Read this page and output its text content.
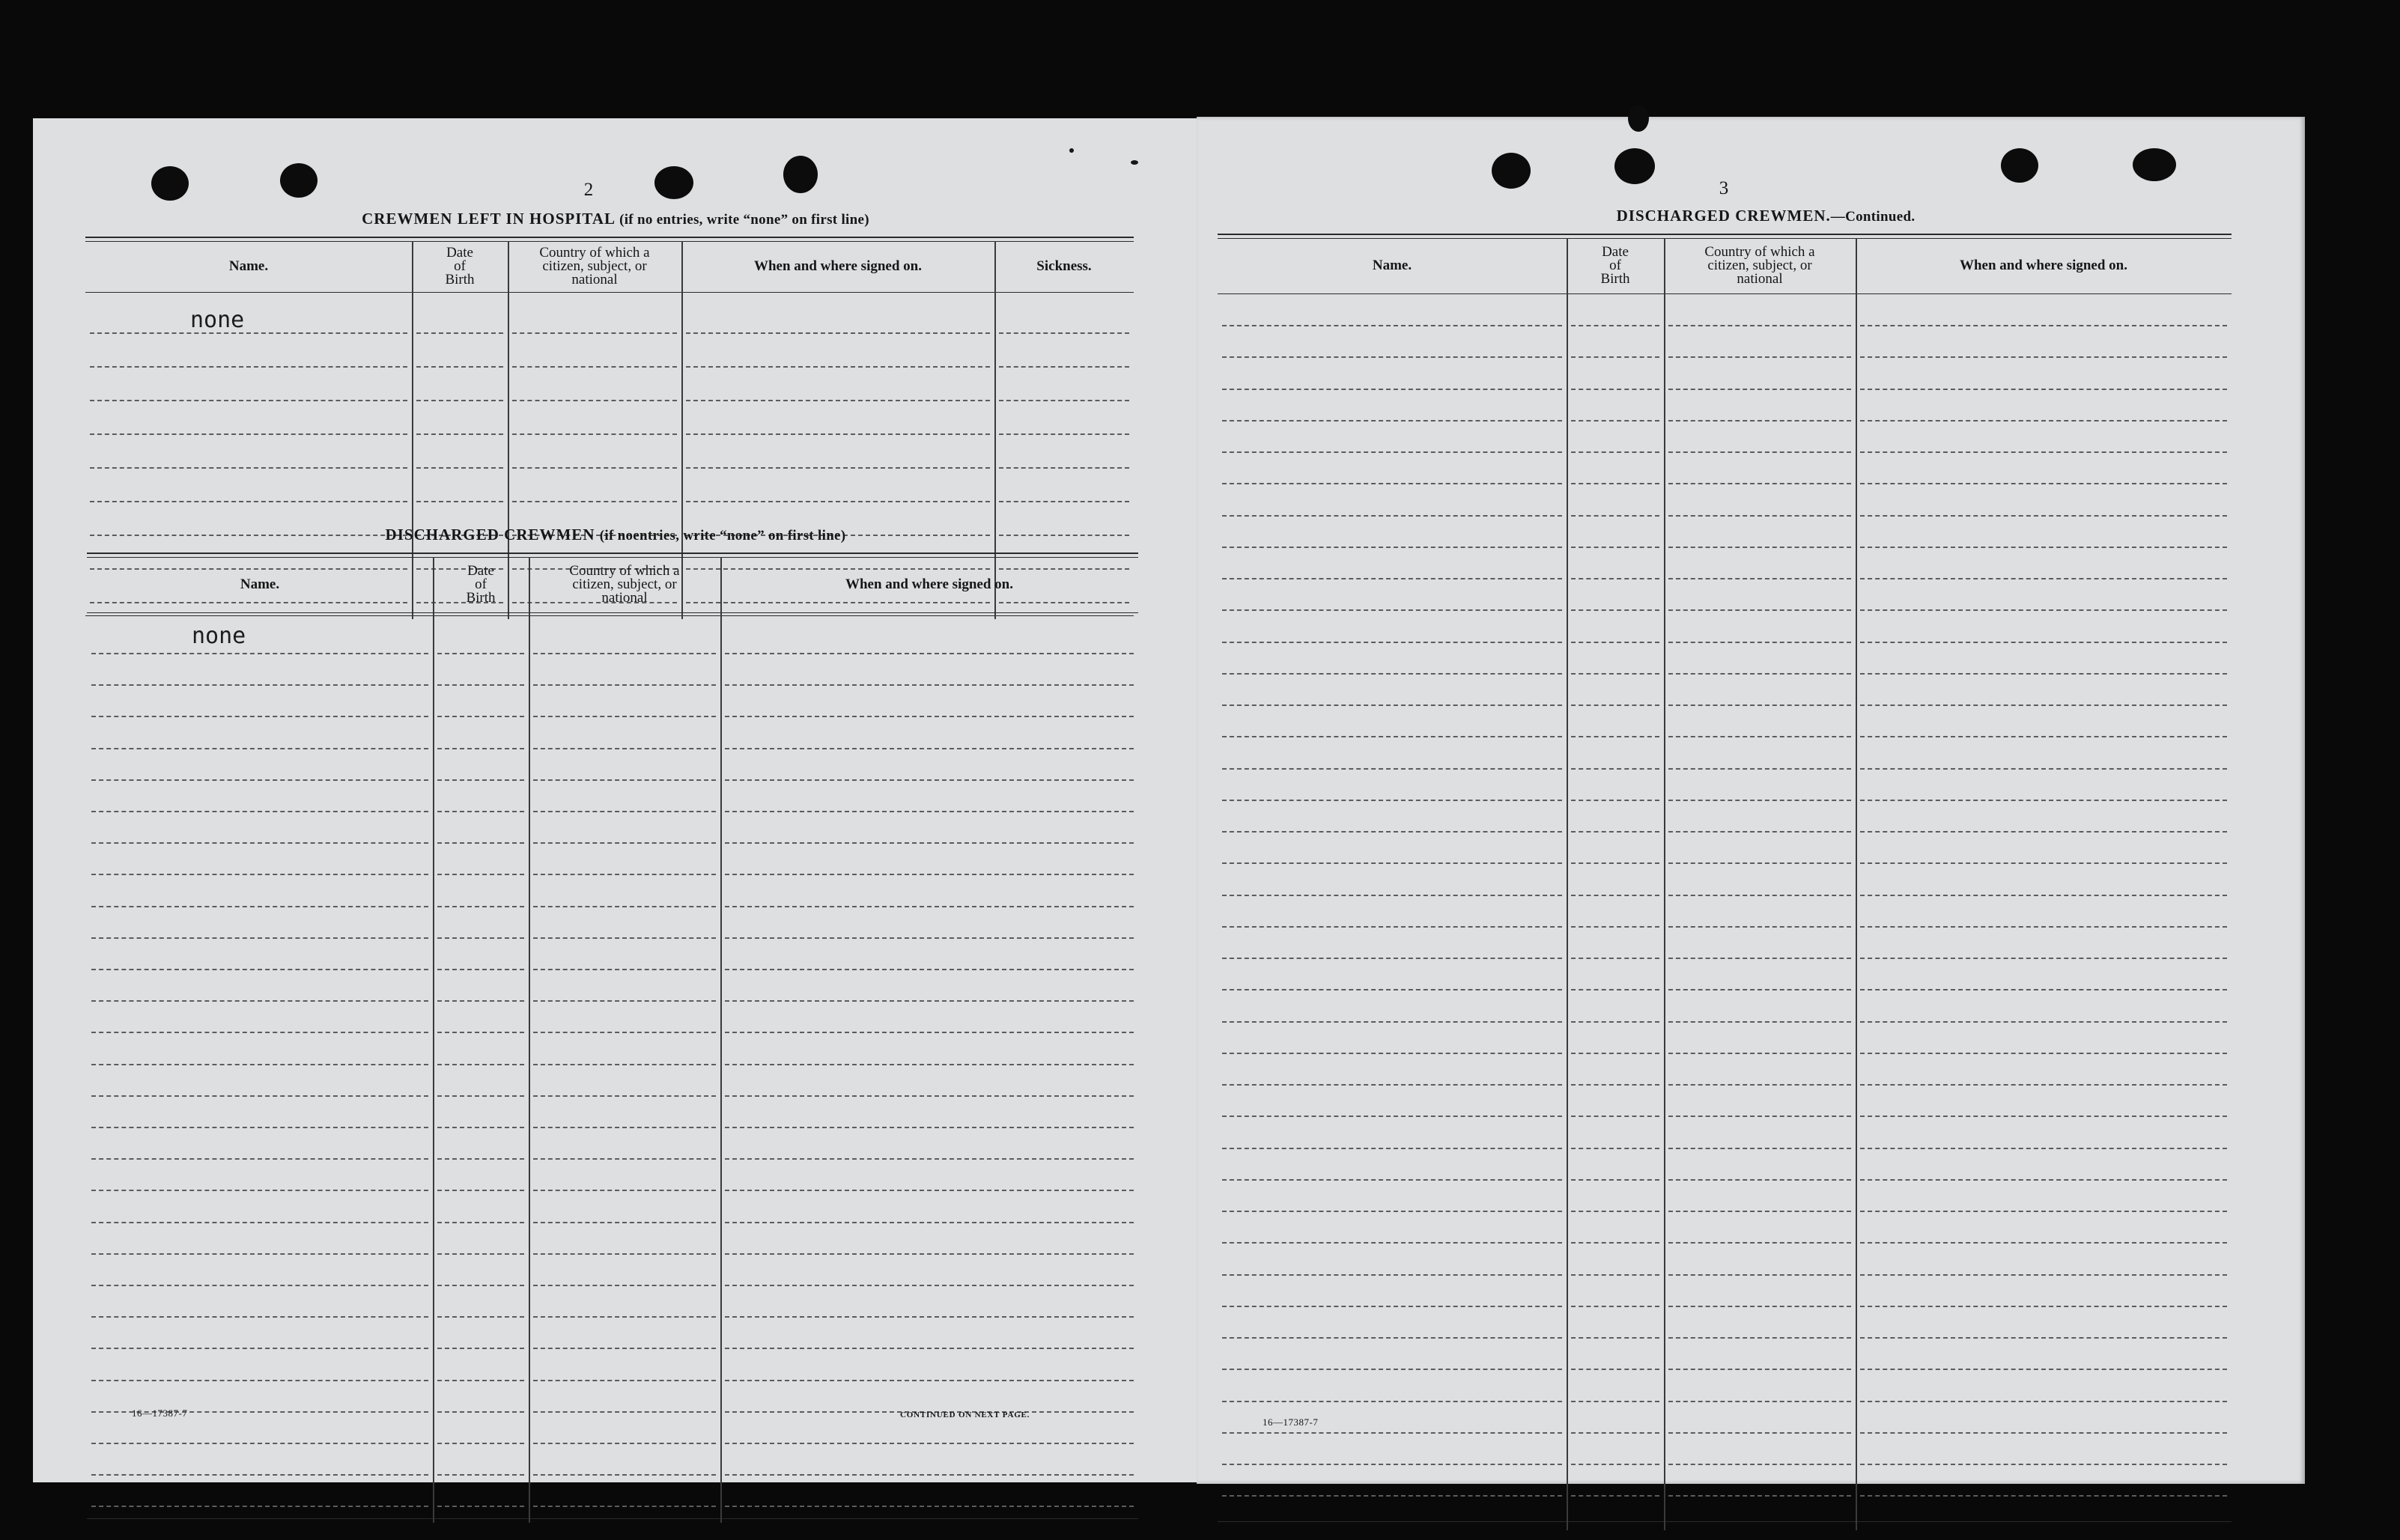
2
CREWMEN LEFT IN HOSPITAL (if no entries, write “none” on first line)
Name.
Date
of
Birth
Country of which a
citizen, subject, or
national
When and where signed on.	Sickness.
none
DISCHARGED CREWMEN (if noentries, write “none” on first line)
Name.
Date
of
Birth
Country of which a
citizen, subject, or
national
When and where signed on.
none
16—17387-7	CONTINUED ON NEXT PAGE.
3
DISCHARGED CREWMEN.—Continued.
Name.
Date
of
Birth
Country of which a
citizen, subject, or
national
When and where signed on.
16—17387-7
